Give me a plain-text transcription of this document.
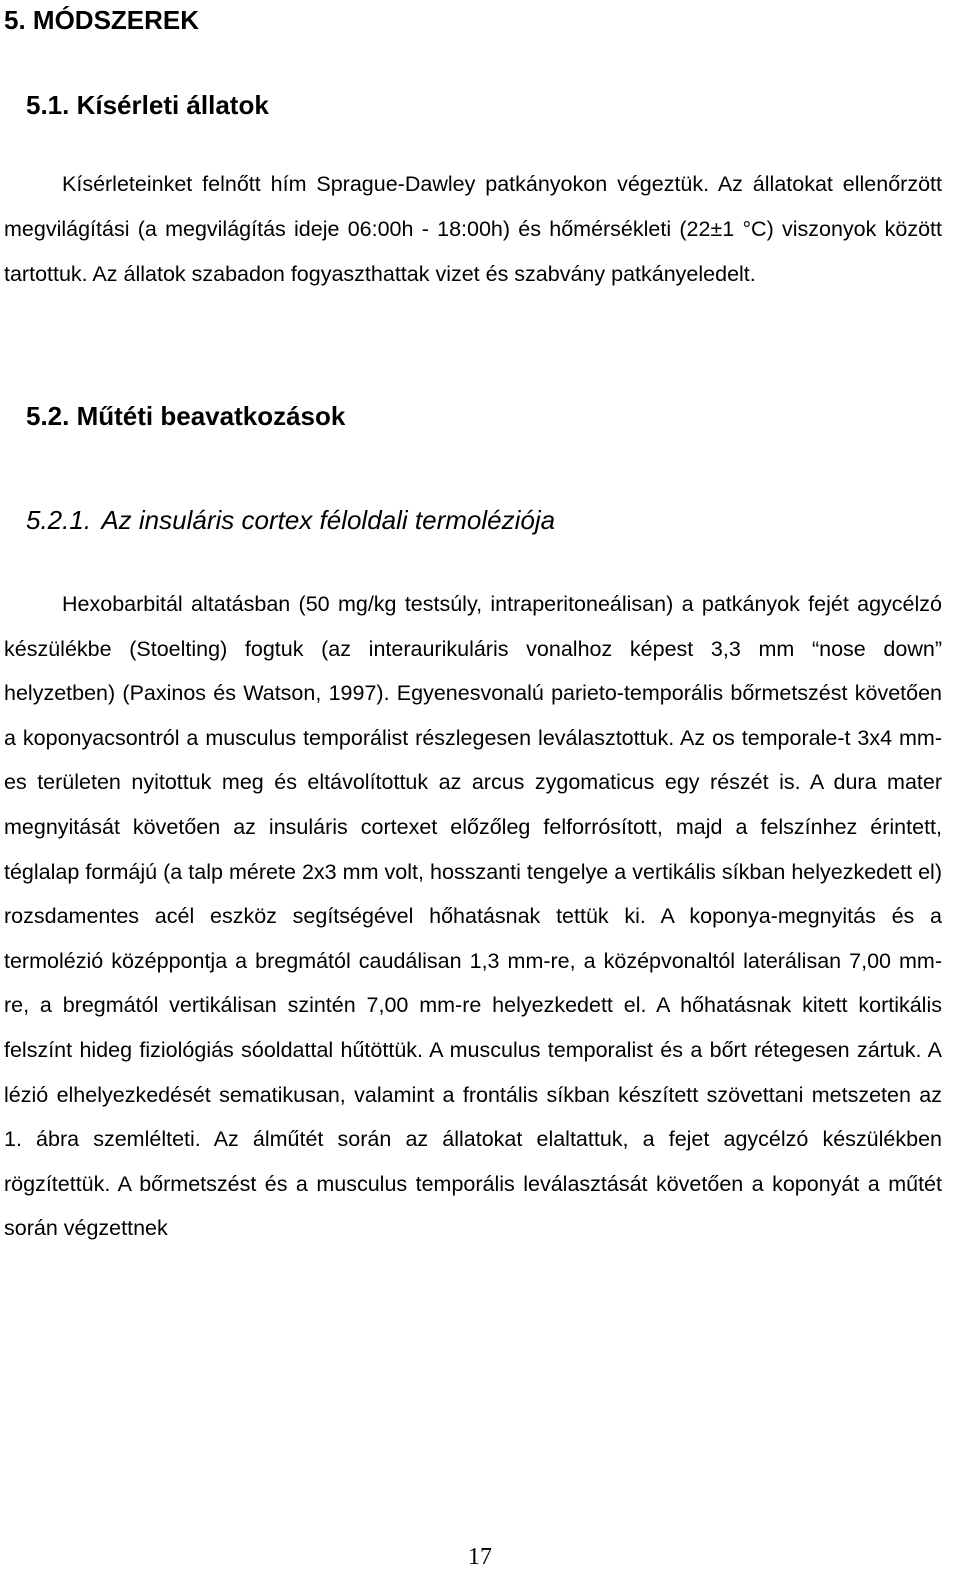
5. MÓDSZEREK
5.1. Kísérleti állatok

Kísérleteinket felnőtt hím Sprague-Dawley patkányokon végeztük. Az állatokat ellenőrzött megvilágítási (a megvilágítás ideje 06:00h - 18:00h) és hőmérsékleti (22±1 °C) viszonyok között tartottuk. Az állatok szabadon fogyaszthattak vizet és szabvány patkányeledelt.

5.2. Műtéti beavatkozások
5.2.1. Az insuláris cortex féloldali termoléziója

Hexobarbitál altatásban (50 mg/kg testsúly, intraperitoneálisan) a patkányok fejét agycélzó készülékbe (Stoelting) fogtuk (az interaurikuláris vonalhoz képest 3,3 mm “nose down” helyzetben) (Paxinos és Watson, 1997). Egyenesvonalú parieto-temporális bőrmetszést követően a koponyacsontról a musculus temporálist részlegesen leválasztottuk. Az os temporale-t 3x4 mm-es területen nyitottuk meg és eltávolítottuk az arcus zygomaticus egy részét is. A dura mater megnyitását követően az insuláris cortexet előzőleg felforrósított, majd a felszínhez érintett, téglalap formájú (a talp mérete 2x3 mm volt, hosszanti tengelye a vertikális síkban helyezkedett el) rozsdamentes acél eszköz segítségével hőhatásnak tettük ki. A koponya-megnyitás és a termolézió középpontja a bregmától caudálisan 1,3 mm-re, a középvonaltól laterálisan 7,00 mm-re, a bregmától vertikálisan szintén 7,00 mm-re helyezkedett el. A hőhatásnak kitett kortikális felszínt hideg fiziológiás sóoldattal hűtöttük. A musculus temporalist és a bőrt rétegesen zártuk. A lézió elhelyezkedését sematikusan, valamint a frontális síkban készített szövettani metszeten az 1. ábra szemlélteti. Az álműtét során az állatokat elaltattuk, a fejet agycélzó készülékben rögzítettük. A bőrmetszést és a musculus temporális leválasztását követően a koponyát a műtét során végzettnek

17
